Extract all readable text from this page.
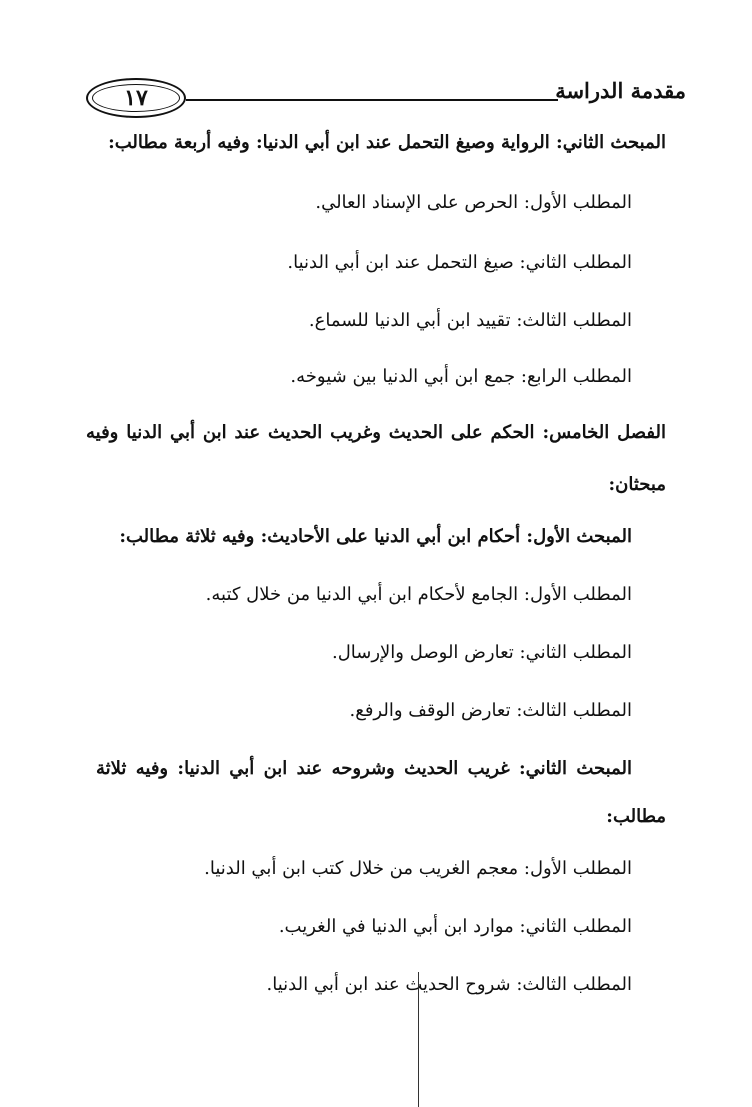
١٧	مقدمة الدراسة
المبحث الثاني: الرواية وصيغ التحمل عند ابن أبي الدنيا: وفيه أربعة مطالب:
المطلب الأول: الحرص على الإسناد العالي.
المطلب الثاني: صيغ التحمل عند ابن أبي الدنيا.
المطلب الثالث: تقييد ابن أبي الدنيا للسماع.
المطلب الرابع: جمع ابن أبي الدنيا بين شيوخه.
الفصل الخامس: الحكم على الحديث وغريب الحديث عند ابن أبي الدنيا وفيه
مبحثان:
المبحث الأول: أحكام ابن أبي الدنيا على الأحاديث: وفيه ثلاثة مطالب:
المطلب الأول: الجامع لأحكام ابن أبي الدنيا من خلال كتبه.
المطلب الثاني: تعارض الوصل والإرسال.
المطلب الثالث: تعارض الوقف والرفع.
المبحث الثاني: غريب الحديث وشروحه عند ابن أبي الدنيا: وفيه ثلاثة
مطالب:
المطلب الأول: معجم الغريب من خلال كتب ابن أبي الدنيا.
المطلب الثاني: موارد ابن أبي الدنيا في الغريب.
المطلب الثالث: شروح الحديث عند ابن أبي الدنيا.
